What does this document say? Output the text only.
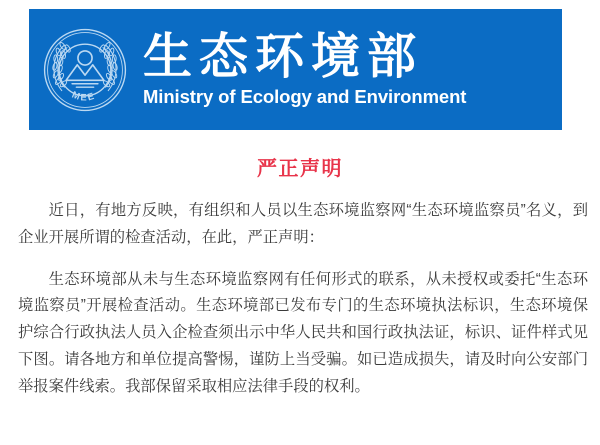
MEE
生态环境部
Ministry of Ecology and Environment
严正声明

近日，有地方反映，有组织和人员以生态环境监察网“生态环境监察员”名义，到企业开展所谓的检查活动，在此，严正声明：

生态环境部从未与生态环境监察网有任何形式的联系，从未授权或委托“生态环境监察员”开展检查活动。生态环境部已发布专门的生态环境执法标识，生态环境保护综合行政执法人员入企检查须出示中华人民共和国行政执法证，标识、证件样式见下图。请各地方和单位提高警惕，谨防上当受骗。如已造成损失，请及时向公安部门举报案件线索。我部保留采取相应法律手段的权利。
